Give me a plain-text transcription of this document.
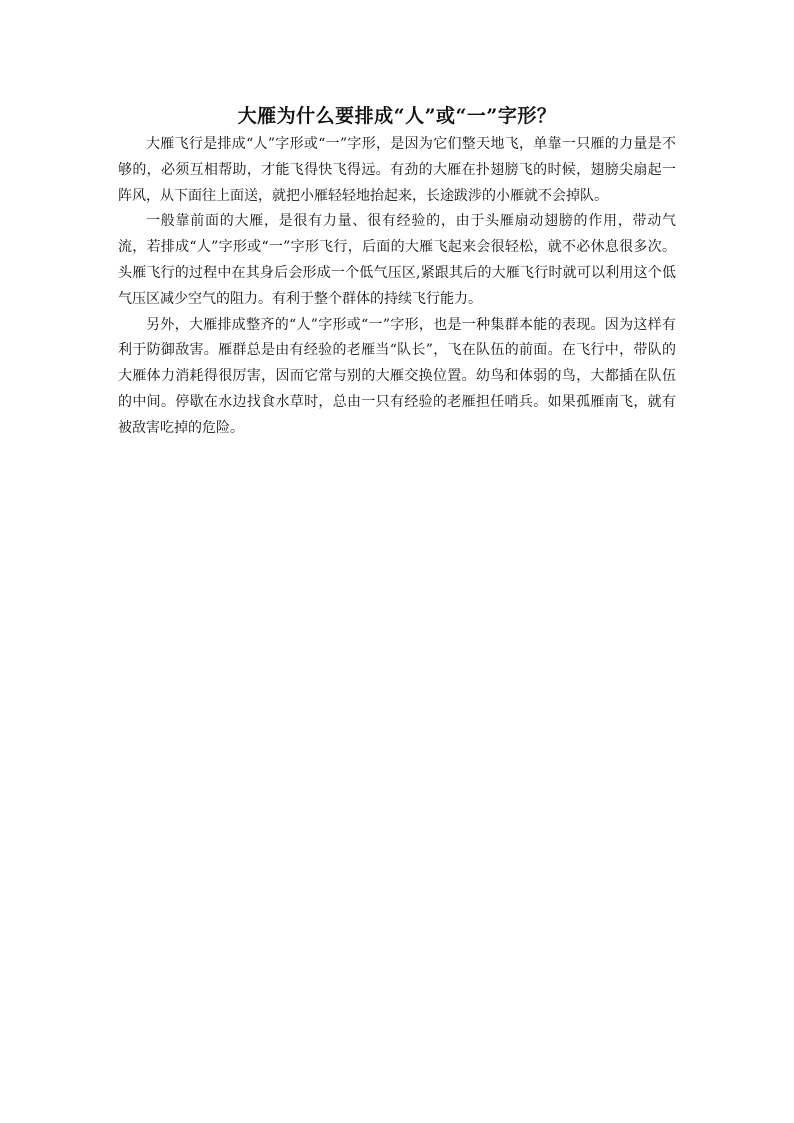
大雁为什么要排成“人”或“一”字形？

大雁飞行是排成“人”字形或“一”字形，是因为它们整天地飞，单靠一只雁的力量是不够的，必须互相帮助，才能飞得快飞得远。有劲的大雁在扑翅膀飞的时候，翅膀尖扇起一阵风，从下面往上面送，就把小雁轻轻地抬起来，长途跋涉的小雁就不会掉队。

一般靠前面的大雁，是很有力量、很有经验的，由于头雁扇动翅膀的作用，带动气流，若排成“人”字形或“一”字形飞行，后面的大雁飞起来会很轻松，就不必休息很多次。头雁飞行的过程中在其身后会形成一个低气压区,紧跟其后的大雁飞行时就可以利用这个低气压区减少空气的阻力。有利于整个群体的持续飞行能力。

另外，大雁排成整齐的“人”字形或“一”字形，也是一种集群本能的表现。因为这样有利于防御敌害。雁群总是由有经验的老雁当“队长”，飞在队伍的前面。在飞行中，带队的大雁体力消耗得很厉害，因而它常与别的大雁交换位置。幼鸟和体弱的鸟，大都插在队伍的中间。停歇在水边找食水草时，总由一只有经验的老雁担任哨兵。如果孤雁南飞，就有被敌害吃掉的危险。
